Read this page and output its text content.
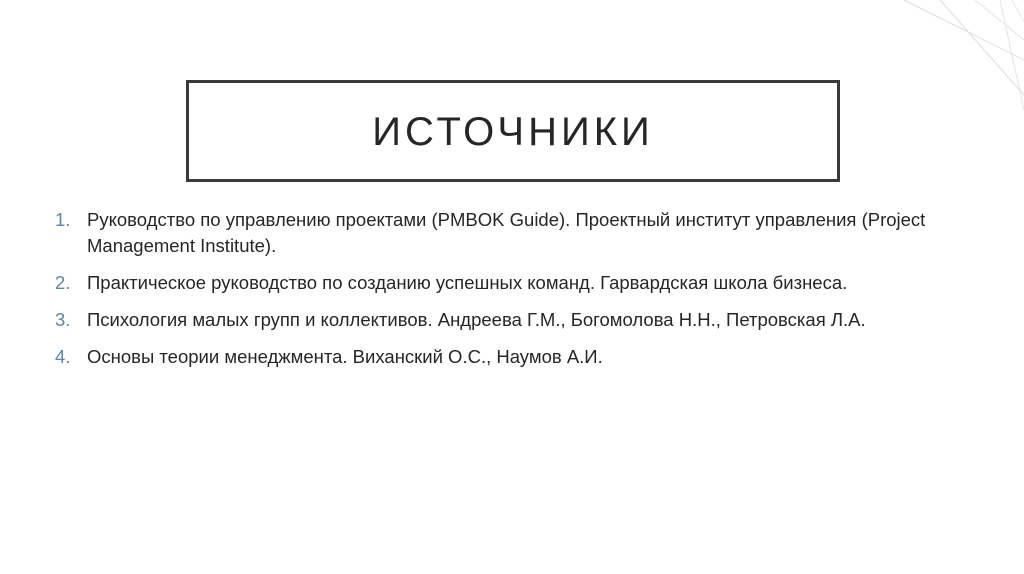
ИСТОЧНИКИ
1. Руководство по управлению проектами (PMBOK Guide). Проектный институт управления (Project Management Institute).
2. Практическое руководство по созданию успешных команд. Гарвардская школа бизнеса.
3. Психология малых групп и коллективов. Андреева Г.М., Богомолова Н.Н., Петровская Л.А.
4. Основы теории менеджмента. Виханский О.С., Наумов А.И.
